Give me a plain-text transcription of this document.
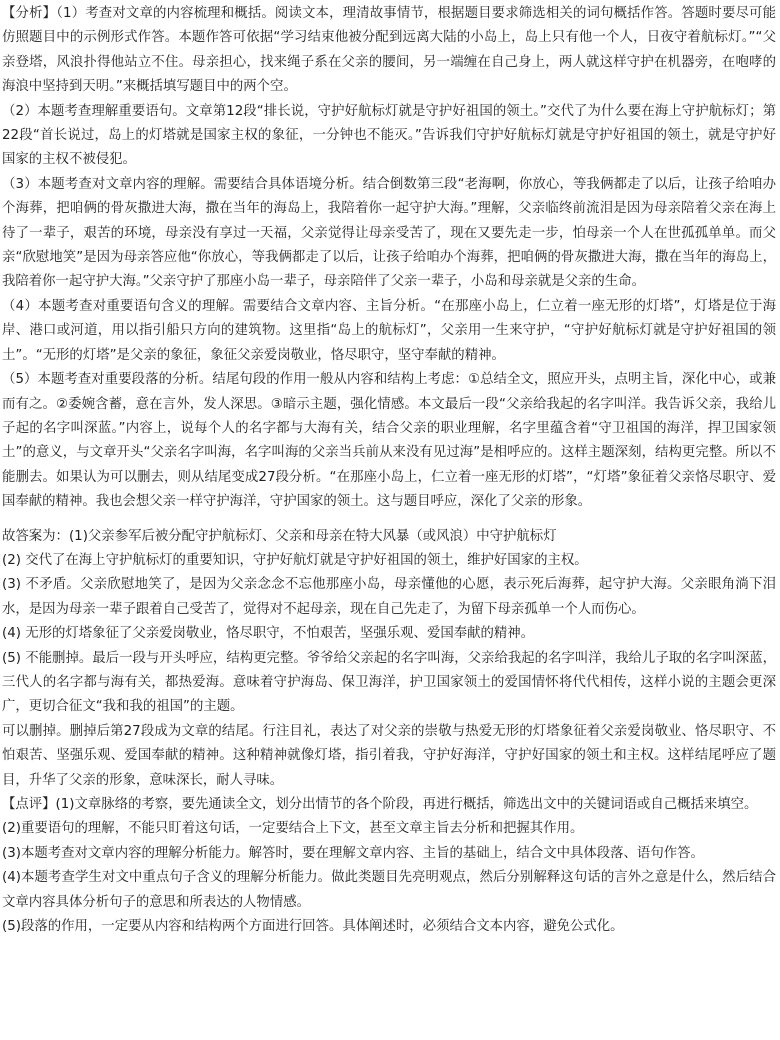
【分析】（1）考查对文章的内容梳理和概括。阅读文本，理清故事情节，根据题目要求筛选相关的词句概括作答。答题时要尽可能仿照题目中的示例形式作答。本题作答可依据“学习结束他被分配到远离大陆的小岛上，岛上只有他一个人，日夜守着航标灯。”“父亲登塔，风浪扑得他站立不住。母亲担心，找来绳子系在父亲的腰间，另一端缠在自己身上，两人就这样守护在机器旁，在咆哮的海浪中坚持到天明。”来概括填写题目中的两个空。

（2）本题考查理解重要语句。文章第12段“排长说，守护好航标灯就是守护好祖国的领土。”交代了为什么要在海上守护航标灯；第22段“首长说过，岛上的灯塔就是国家主权的象征，一分钟也不能灭。”告诉我们守护好航标灯就是守护好祖国的领土，就是守护好国家的主权不被侵犯。

（3）本题考查对文章内容的理解。需要结合具体语境分析。结合倒数第三段“老海啊，你放心，等我俩都走了以后，让孩子给咱办个海葬，把咱俩的骨灰撒进大海，撒在当年的海岛上，我陪着你一起守护大海。”理解，父亲临终前流泪是因为母亲陪着父亲在海上待了一辈子，艰苦的环境，母亲没有享过一天福，父亲觉得让母亲受苦了，现在又要先走一步，怕母亲一个人在世孤孤单单。而父亲“欣慰地笑”是因为母亲答应他“你放心，等我俩都走了以后，让孩子给咱办个海葬，把咱俩的骨灰撒进大海，撒在当年的海岛上，我陪着你一起守护大海。”父亲守护了那座小岛一辈子，母亲陪伴了父亲一辈子，小岛和母亲就是父亲的生命。

（4）本题考查对重要语句含义的理解。需要结合文章内容、主旨分析。“在那座小岛上，仁立着一座无形的灯塔”，灯塔是位于海岸、港口或河道，用以指引船只方向的建筑物。这里指“岛上的航标灯”，父亲用一生来守护，“守护好航标灯就是守护好祖国的领土”。“无形的灯塔”是父亲的象征，象征父亲爱岗敬业，恪尽职守，坚守奉献的精神。

（5）本题考查对重要段落的分析。结尾句段的作用一般从内容和结构上考虑：①总结全文，照应开头，点明主旨，深化中心，或兼而有之。②委婉含蓄，意在言外，发人深思。③暗示主题，强化情感。本文最后一段“父亲给我起的名字叫洋。我告诉父亲，我给儿子起的名字叫深蓝。”内容上，说每个人的名字都与大海有关，结合父亲的职业理解，名字里蕴含着“守卫祖国的海洋，捍卫国家领土”的意义，与文章开头“父亲名字叫海，名字叫海的父亲当兵前从来没有见过海”是相呼应的。这样主题深刻，结构更完整。所以不能删去。如果认为可以删去，则从结尾变成27段分析。“在那座小岛上，仁立着一座无形的灯塔”，“灯塔”象征着父亲恪尽职守、爱国奉献的精神。我也会想父亲一样守护海洋，守护国家的领土。这与题目呼应，深化了父亲的形象。

故答案为：(1)父亲参军后被分配守护航标灯、父亲和母亲在特大风暴（或风浪）中守护航标灯

(2) 交代了在海上守护航标灯的重要知识，守护好航灯就是守护好祖国的领土，维护好国家的主权。

(3) 不矛盾。父亲欣慰地笑了，是因为父亲念念不忘他那座小岛，母亲懂他的心愿，表示死后海葬，起守护大海。父亲眼角淌下泪水，是因为母亲一辈子跟着自己受苦了，觉得对不起母亲，现在自己先走了，为留下母亲孤单一个人而伤心。

(4) 无形的灯塔象征了父亲爱岗敬业，恪尽职守，不怕艰苦，坚强乐观、爱国奉献的精神。

(5) 不能删掉。最后一段与开头呼应，结构更完整。爷爷给父亲起的名字叫海，父亲给我起的名字叫洋，我给儿子取的名字叫深蓝，三代人的名字都与海有关，都热爱海。意味着守护海岛、保卫海洋，护卫国家领土的爱国情怀将代代相传，这样小说的主题会更深广，更切合征文“我和我的祖国”的主题。

可以删掉。删掉后第27段成为文章的结尾。行注目礼，表达了对父亲的崇敬与热爱无形的灯塔象征着父亲爱岗敬业、恪尽职守、不怕艰苦、坚强乐观、爱国奉献的精神。这种精神就像灯塔，指引着我，守护好海洋，守护好国家的领土和主权。这样结尾呼应了题目，升华了父亲的形象，意味深长，耐人寻味。

【点评】(1)文章脉络的考察，要先通读全文，划分出情节的各个阶段，再进行概括，筛选出文中的关键词语或自己概括来填空。

(2)重要语句的理解，不能只盯着这句话，一定要结合上下文，甚至文章主旨去分析和把握其作用。

(3)本题考查对文章内容的理解分析能力。解答时，要在理解文章内容、主旨的基础上，结合文中具体段落、语句作答。

(4)本题考查学生对文中重点句子含义的理解分析能力。做此类题目先亮明观点，然后分别解释这句话的言外之意是什么，然后结合文章内容具体分析句子的意思和所表达的人物情感。

(5)段落的作用，一定要从内容和结构两个方面进行回答。具体阐述时，必须结合文本内容，避免公式化。
